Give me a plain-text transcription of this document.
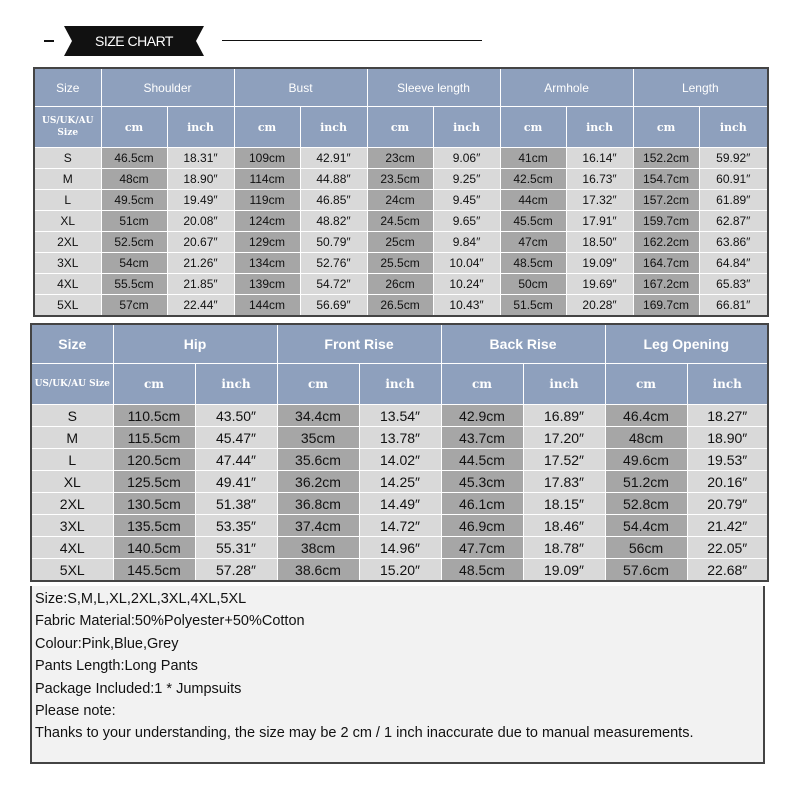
SIZE CHART
Size	Shoulder		Bust		Sleeve length		Armhole		Length	
US/UK/AU Size	cm	inch	cm	inch	cm	inch	cm	inch	cm	inch
S	46.5cm	18.31″	109cm	42.91″	23cm	9.06″	41cm	16.14″	152.2cm	59.92″
M	48cm	18.90″	114cm	44.88″	23.5cm	9.25″	42.5cm	16.73″	154.7cm	60.91″
L	49.5cm	19.49″	119cm	46.85″	24cm	9.45″	44cm	17.32″	157.2cm	61.89″
XL	51cm	20.08″	124cm	48.82″	24.5cm	9.65″	45.5cm	17.91″	159.7cm	62.87″
2XL	52.5cm	20.67″	129cm	50.79″	25cm	9.84″	47cm	18.50″	162.2cm	63.86″
3XL	54cm	21.26″	134cm	52.76″	25.5cm	10.04″	48.5cm	19.09″	164.7cm	64.84″
4XL	55.5cm	21.85″	139cm	54.72″	26cm	10.24″	50cm	19.69″	167.2cm	65.83″
5XL	57cm	22.44″	144cm	56.69″	26.5cm	10.43″	51.5cm	20.28″	169.7cm	66.81″
Size	Hip		Front Rise		Back Rise		Leg Opening	
US/UK/AU Size	cm	inch	cm	inch	cm	inch	cm	inch
S	110.5cm	43.50″	34.4cm	13.54″	42.9cm	16.89″	46.4cm	18.27″
M	115.5cm	45.47″	35cm	13.78″	43.7cm	17.20″	48cm	18.90″
L	120.5cm	47.44″	35.6cm	14.02″	44.5cm	17.52″	49.6cm	19.53″
XL	125.5cm	49.41″	36.2cm	14.25″	45.3cm	17.83″	51.2cm	20.16″
2XL	130.5cm	51.38″	36.8cm	14.49″	46.1cm	18.15″	52.8cm	20.79″
3XL	135.5cm	53.35″	37.4cm	14.72″	46.9cm	18.46″	54.4cm	21.42″
4XL	140.5cm	55.31″	38cm	14.96″	47.7cm	18.78″	56cm	22.05″
5XL	145.5cm	57.28″	38.6cm	15.20″	48.5cm	19.09″	57.6cm	22.68″
Size:S,M,L,XL,2XL,3XL,4XL,5XL
Fabric Material:50%Polyester+50%Cotton
Colour:Pink,Blue,Grey
Pants Length:Long Pants
Package Included:1 * Jumpsuits
Please note:
Thanks to your understanding, the size may be 2 cm / 1 inch inaccurate due to manual measurements.
